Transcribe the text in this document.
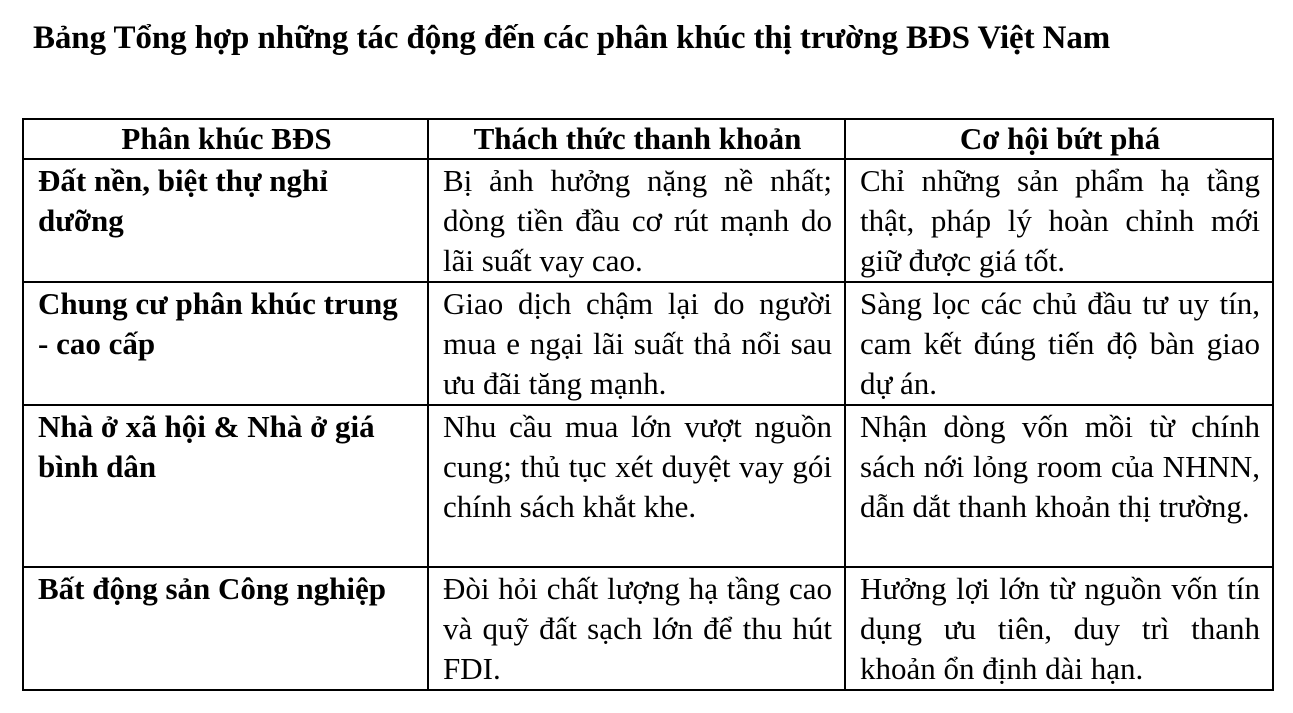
Bảng Tổng hợp những tác động đến các phân khúc thị trường BĐS Việt Nam
Phân khúc BĐS	Thách thức thanh khoản	Cơ hội bứt phá
Đất nền, biệt thự nghỉ dưỡng	Bị ảnh hưởng nặng nề nhất; dòng tiền đầu cơ rút mạnh do lãi suất vay cao.	Chỉ những sản phẩm hạ tầng thật, pháp lý hoàn chỉnh mới giữ được giá tốt.
Chung cư phân khúc trung - cao cấp	Giao dịch chậm lại do người mua e ngại lãi suất thả nổi sau ưu đãi tăng mạnh.	Sàng lọc các chủ đầu tư uy tín, cam kết đúng tiến độ bàn giao dự án.
Nhà ở xã hội & Nhà ở giá bình dân	Nhu cầu mua lớn vượt nguồn cung; thủ tục xét duyệt vay gói chính sách khắt khe.	Nhận dòng vốn mồi từ chính sách nới lỏng room của NHNN, dẫn dắt thanh khoản thị trường.
Bất động sản Công nghiệp	Đòi hỏi chất lượng hạ tầng cao và quỹ đất sạch lớn để thu hút FDI.	Hưởng lợi lớn từ nguồn vốn tín dụng ưu tiên, duy trì thanh khoản ổn định dài hạn.
